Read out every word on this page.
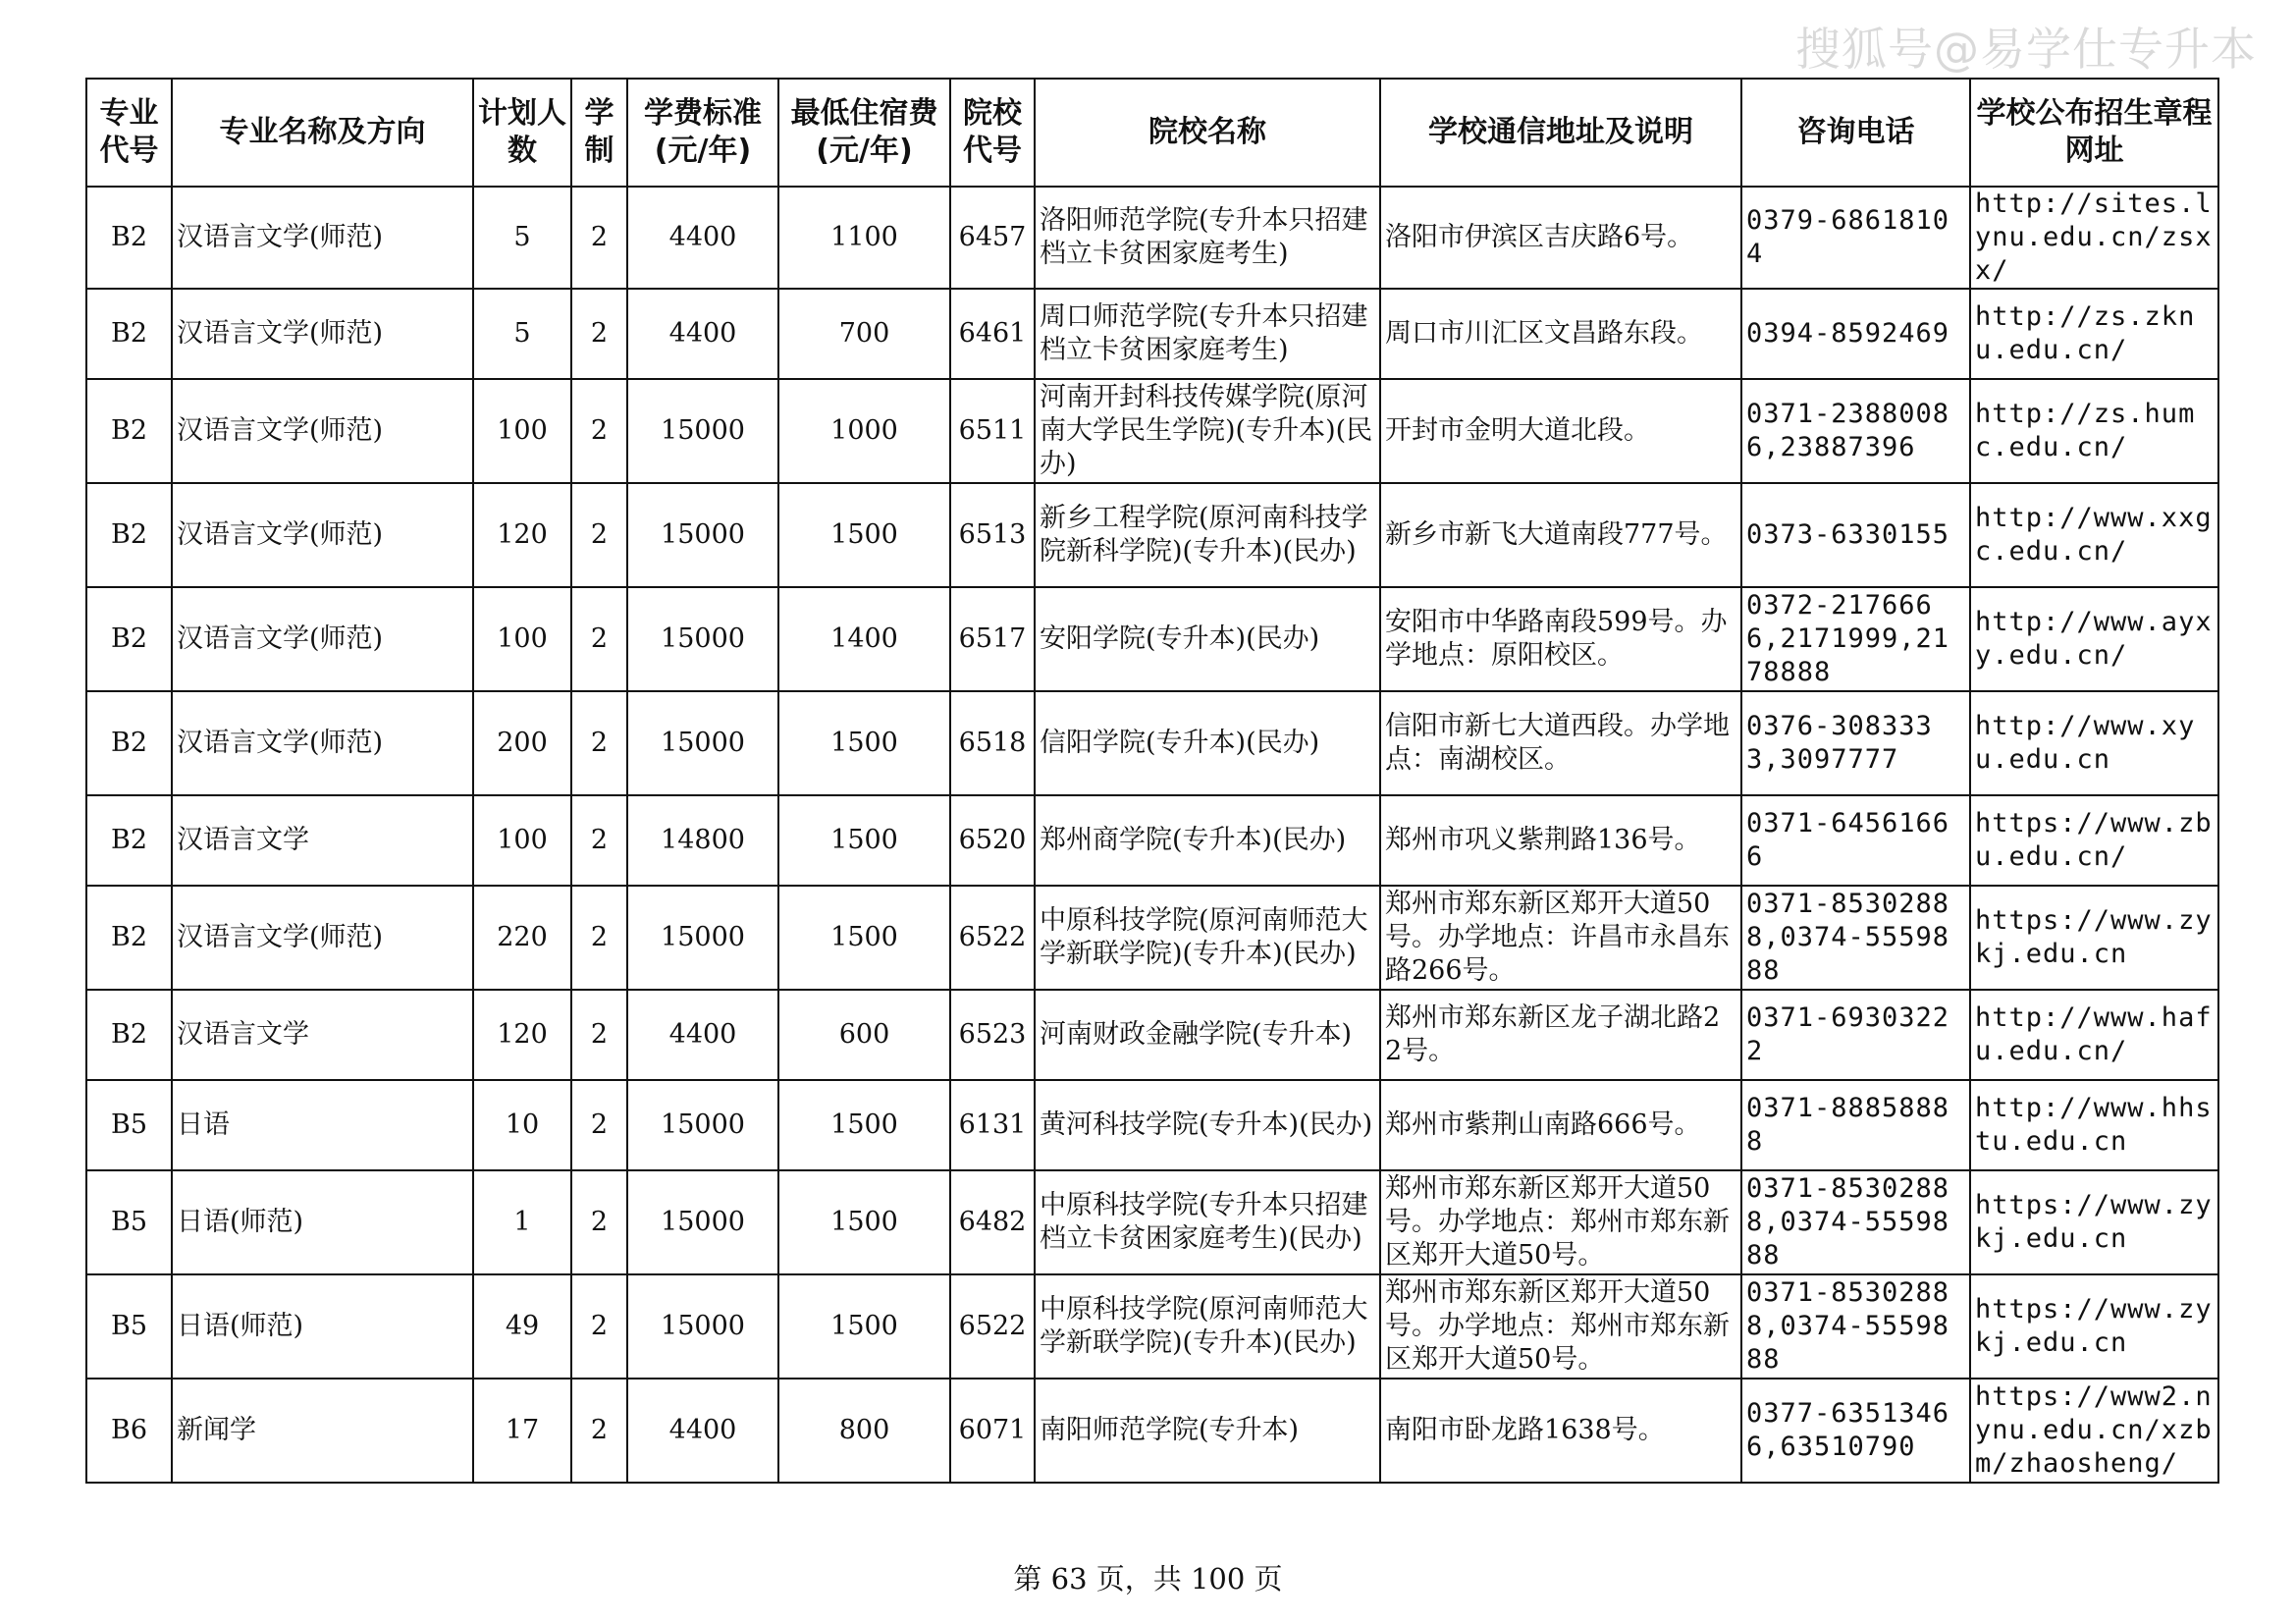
搜狐号@易学仕专升本
专业代号	专业名称及方向	计划人数	学制	学费标准(元/年)	最低住宿费(元/年)	院校代号	院校名称	学校通信地址及说明	咨询电话	学校公布招生章程网址
B2	汉语言文学(师范)	5	2	4400	1100	6457	洛阳师范学院(专升本只招建档立卡贫困家庭考生)	洛阳市伊滨区吉庆路6号。	0379-68618104	http://sites.lynu.edu.cn/zsxx/
B2	汉语言文学(师范)	5	2	4400	700	6461	周口师范学院(专升本只招建档立卡贫困家庭考生)	周口市川汇区文昌路东段。	0394-8592469	http://zs.zknu.edu.cn/
B2	汉语言文学(师范)	100	2	15000	1000	6511	河南开封科技传媒学院(原河南大学民生学院)(专升本)(民办)	开封市金明大道北段。	0371-23880086,23887396	http://zs.humc.edu.cn/
B2	汉语言文学(师范)	120	2	15000	1500	6513	新乡工程学院(原河南科技学院新科学院)(专升本)(民办)	新乡市新飞大道南段777号。	0373-6330155	http://www.xxgc.edu.cn/
B2	汉语言文学(师范)	100	2	15000	1400	6517	安阳学院(专升本)(民办)	安阳市中华路南段599号。办学地点：原阳校区。	0372-2176666,2171999,2178888	http://www.ayxy.edu.cn/
B2	汉语言文学(师范)	200	2	15000	1500	6518	信阳学院(专升本)(民办)	信阳市新七大道西段。办学地点：南湖校区。	0376-3083333,3097777	http://www.xyu.edu.cn
B2	汉语言文学	100	2	14800	1500	6520	郑州商学院(专升本)(民办)	郑州市巩义紫荆路136号。	0371-64561666	https://www.zbu.edu.cn/
B2	汉语言文学(师范)	220	2	15000	1500	6522	中原科技学院(原河南师范大学新联学院)(专升本)(民办)	郑州市郑东新区郑开大道50号。办学地点：许昌市永昌东路266号。	0371-85302888,0374-5559888	https://www.zykj.edu.cn
B2	汉语言文学	120	2	4400	600	6523	河南财政金融学院(专升本)	郑州市郑东新区龙子湖北路22号。	0371-69303222	http://www.hafu.edu.cn/
B5	日语	10	2	15000	1500	6131	黄河科技学院(专升本)(民办)	郑州市紫荆山南路666号。	0371-88858888	http://www.hhstu.edu.cn
B5	日语(师范)	1	2	15000	1500	6482	中原科技学院(专升本只招建档立卡贫困家庭考生)(民办)	郑州市郑东新区郑开大道50号。办学地点：郑州市郑东新区郑开大道50号。	0371-85302888,0374-5559888	https://www.zykj.edu.cn
B5	日语(师范)	49	2	15000	1500	6522	中原科技学院(原河南师范大学新联学院)(专升本)(民办)	郑州市郑东新区郑开大道50号。办学地点：郑州市郑东新区郑开大道50号。	0371-85302888,0374-5559888	https://www.zykj.edu.cn
B6	新闻学	17	2	4400	800	6071	南阳师范学院(专升本)	南阳市卧龙路1638号。	0377-63513466,63510790	https://www2.nynu.edu.cn/xzbm/zhaosheng/
第 63 页，共 100 页
